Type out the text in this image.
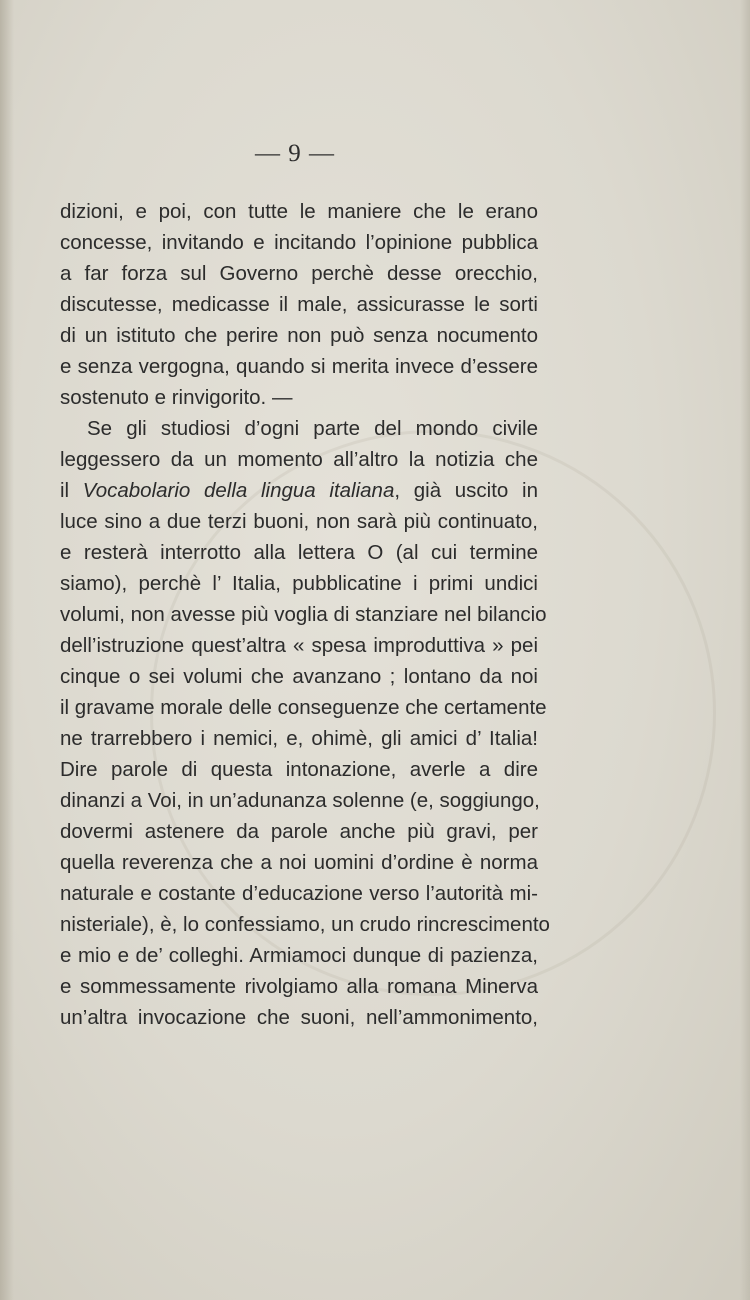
— 9 —
dizioni, e poi, con tutte le maniere che le erano
concesse, invitando e incitando l’opinione pubblica
a far forza sul Governo perchè desse orecchio,
discutesse, medicasse il male, assicurasse le sorti
di un istituto che perire non può senza nocumento
e senza vergogna, quando si merita invece d’essere
sostenuto e rinvigorito. —
Se gli studiosi d’ogni parte del mondo civile
leggessero da un momento all’altro la notizia che
il Vocabolario della lingua italiana, già uscito in
luce sino a due terzi buoni, non sarà più continuato,
e resterà interrotto alla lettera O (al cui termine
siamo), perchè l’ Italia, pubblicatine i primi undici
volumi, non avesse più voglia di stanziare nel bilancio
dell’istruzione quest’altra « spesa improduttiva » pei
cinque o sei volumi che avanzano ; lontano da noi
il gravame morale delle conseguenze che certamente
ne trarrebbero i nemici, e, ohimè, gli amici d’ Italia!
Dire parole di questa intonazione, averle a dire
dinanzi a Voi, in un’adunanza solenne (e, soggiungo,
dovermi astenere da parole anche più gravi, per
quella reverenza che a noi uomini d’ordine è norma
naturale e costante d’educazione verso l’autorità mi-
nisteriale), è, lo confessiamo, un crudo rincrescimento
e mio e de’ colleghi. Armiamoci dunque di pazienza,
e sommessamente rivolgiamo alla romana Minerva
un’altra invocazione che suoni, nell’ammonimento,
